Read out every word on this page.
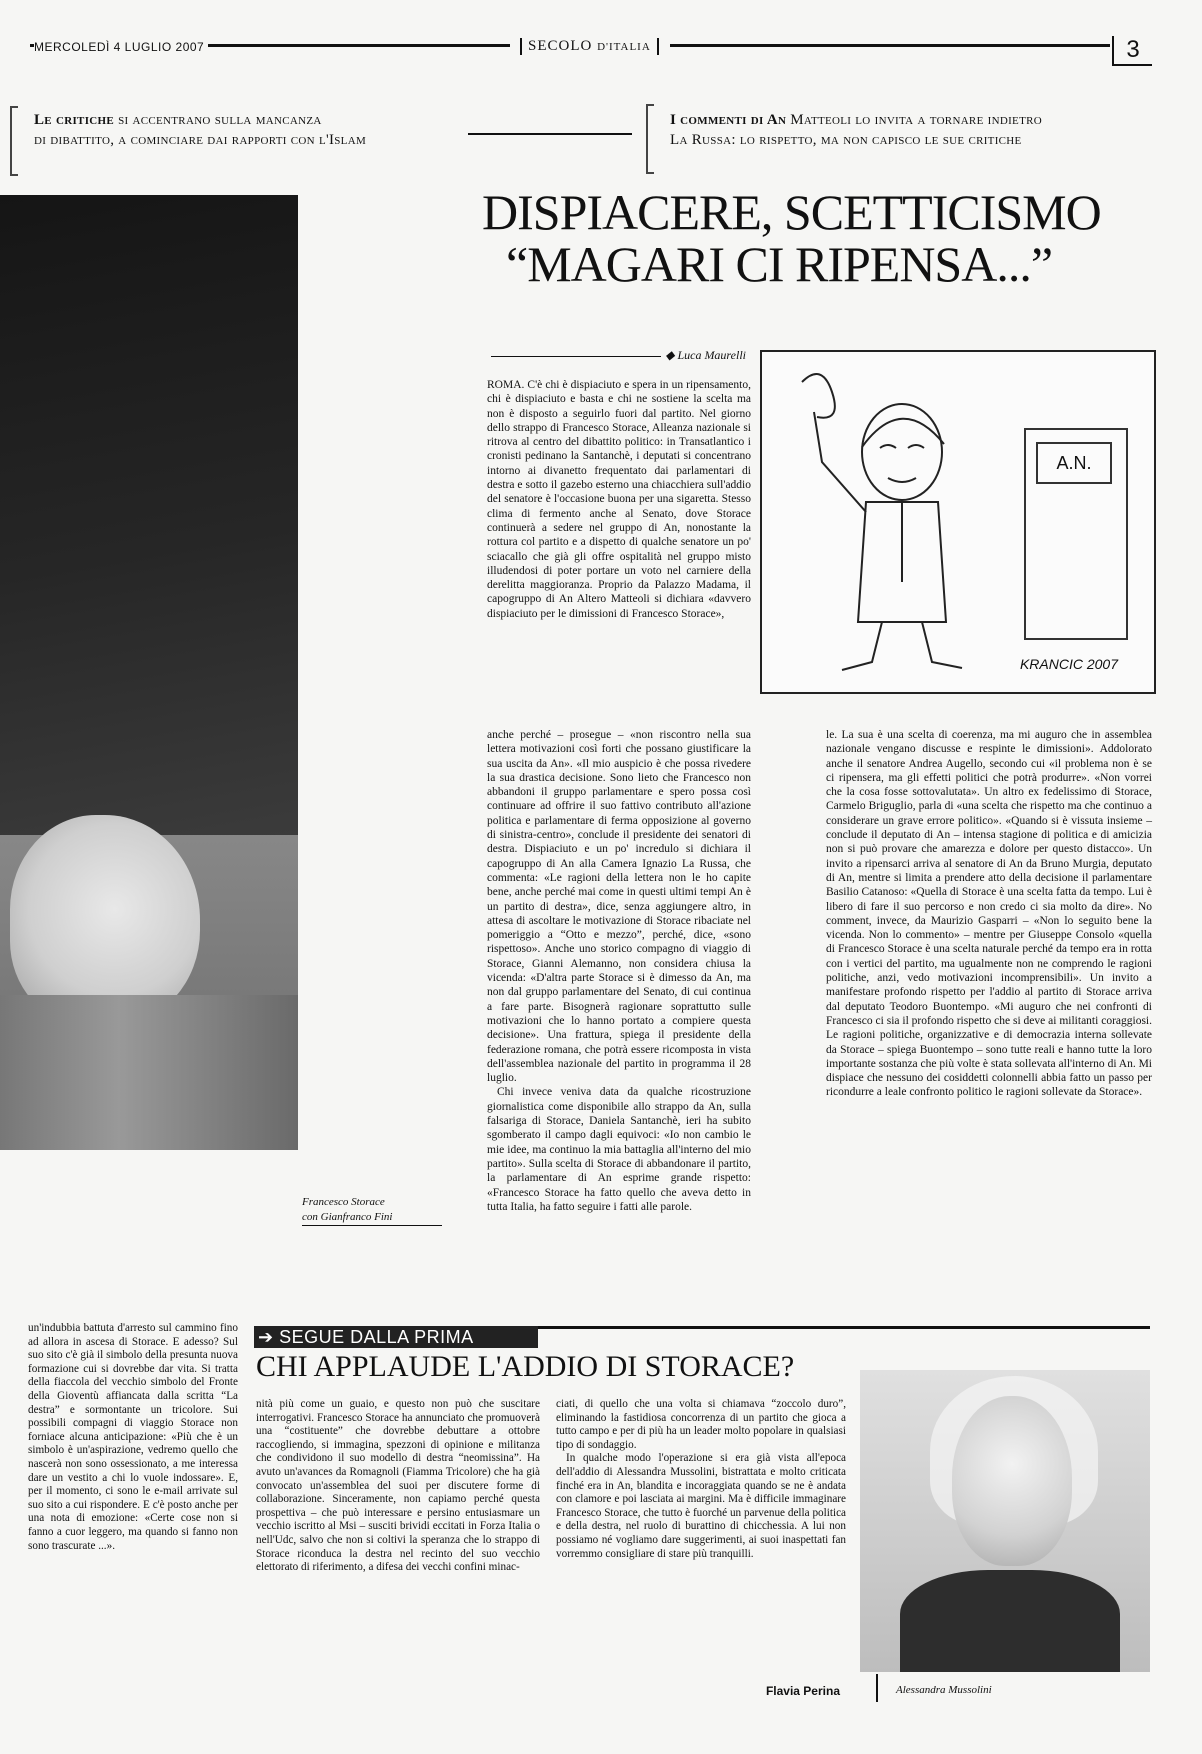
MERCOLEDÌ 4 LUGLIO 2007	SECOLO D'ITALIA	3
Le critiche si accentrano sulla mancanza
di dibattito, a cominciare dai rapporti con l'Islam
I commenti di An Matteoli lo invita a tornare indietro
La Russa: lo rispetto, ma non capisco le sue critiche
DISPIACERE, SCETTICISMO
“MAGARI CI RIPENSA...”
◆ Luca Maurelli
Francesco Storace
con Gianfranco Fini
A.N.
KRANCIC 2007

ROMA. C'è chi è dispiaciuto e spera in un ripensamento, chi è dispiaciuto e basta e chi ne sostiene la scelta ma non è disposto a seguirlo fuori dal partito. Nel giorno dello strappo di Francesco Storace, Alleanza nazionale si ritrova al centro del dibattito politico: in Transatlantico i cronisti pedinano la Santanchè, i deputati si concentrano intorno ai divanetto frequentato dai parlamentari di destra e sotto il gazebo esterno una chiacchiera sull'addio del senatore è l'occasione buona per una sigaretta. Stesso clima di fermento anche al Senato, dove Storace continuerà a sedere nel gruppo di An, nonostante la rottura col partito e a dispetto di qualche senatore un po' sciacallo che già gli offre ospitalità nel gruppo misto illudendosi di poter portare un voto nel carniere della derelitta maggioranza. Proprio da Palazzo Madama, il capogruppo di An Altero Matteoli si dichiara «davvero dispiaciuto per le dimissioni di Francesco Storace»,

anche perché – prosegue – «non riscontro nella sua lettera motivazioni così forti che possano giustificare la sua uscita da An». «Il mio auspicio è che possa rivedere la sua drastica decisione. Sono lieto che Francesco non abbandoni il gruppo parlamentare e spero possa così continuare ad offrire il suo fattivo contributo all'azione politica e parlamentare di ferma opposizione al governo di sinistra-centro», conclude il presidente dei senatori di destra. Dispiaciuto e un po' incredulo si dichiara il capogruppo di An alla Camera Ignazio La Russa, che commenta: «Le ragioni della lettera non le ho capite bene, anche perché mai come in questi ultimi tempi An è un partito di destra», dice, senza aggiungere altro, in attesa di ascoltare le motivazione di Storace ribaciate nel pomeriggio a “Otto e mezzo”, perché, dice, «sono rispettoso». Anche uno storico compagno di viaggio di Storace, Gianni Alemanno, non considera chiusa la vicenda: «D'altra parte Storace si è dimesso da An, ma non dal gruppo parlamentare del Senato, di cui continua a fare parte. Bisognerà ragionare soprattutto sulle motivazioni che lo hanno portato a compiere questa decisione». Una frattura, spiega il presidente della federazione romana, che potrà essere ricomposta in vista dell'assemblea nazionale del partito in programma il 28 luglio.

Chi invece veniva data da qualche ricostruzione giornalistica come disponibile allo strappo da An, sulla falsariga di Storace, Daniela Santanchè, ieri ha subito sgomberato il campo dagli equivoci: «Io non cambio le mie idee, ma continuo la mia battaglia all'interno del mio partito». Sulla scelta di Storace di abbandonare il partito, la parlamentare di An esprime grande rispetto: «Francesco Storace ha fatto quello che aveva detto in tutta Italia, ha fatto seguire i fatti alle parole.

le. La sua è una scelta di coerenza, ma mi auguro che in assemblea nazionale vengano discusse e respinte le dimissioni». Addolorato anche il senatore Andrea Augello, secondo cui «il problema non è se ci ripensera, ma gli effetti politici che potrà produrre». «Non vorrei che la cosa fosse sottovalutata». Un altro ex fedelissimo di Storace, Carmelo Briguglio, parla di «una scelta che rispetto ma che continuo a considerare un grave errore politico». «Quando si è vissuta insieme – conclude il deputato di An – intensa stagione di politica e di amicizia non si può provare che amarezza e dolore per questo distacco». Un invito a ripensarci arriva al senatore di An da Bruno Murgia, deputato di An, mentre si limita a prendere atto della decisione il parlamentare Basilio Catanoso: «Quella di Storace è una scelta fatta da tempo. Lui è libero di fare il suo percorso e non credo ci sia molto da dire». No comment, invece, da Maurizio Gasparri – «Non lo seguito bene la vicenda. Non lo commento» – mentre per Giuseppe Consolo «quella di Francesco Storace è una scelta naturale perché da tempo era in rotta con i vertici del partito, ma ugualmente non ne comprendo le ragioni politiche, anzi, vedo motivazioni incomprensibili». Un invito a manifestare profondo rispetto per l'addio al partito di Storace arriva dal deputato Teodoro Buontempo. «Mi auguro che nei confronti di Francesco ci sia il profondo rispetto che si deve ai militanti coraggiosi. Le ragioni politiche, organizzative e di democrazia interna sollevate da Storace – spiega Buontempo – sono tutte reali e hanno tutte la loro importante sostanza che più volte è stata sollevata all'interno di An. Mi dispiace che nessuno dei cosiddetti colonnelli abbia fatto un passo per ricondurre a leale confronto politico le ragioni sollevate da Storace».

un'indubbia battuta d'arresto sul cammino fino ad allora in ascesa di Storace. E adesso? Sul suo sito c'è già il simbolo della presunta nuova formazione cui si dovrebbe dar vita. Si tratta della fiaccola del vecchio simbolo del Fronte della Gioventù affiancata dalla scritta “La destra” e sormontante un tricolore. Sui possibili compagni di viaggio Storace non forniace alcuna anticipazione: «Più che è un simbolo è un'aspirazione, vedremo quello che nascerà non sono ossessionato, a me interessa dare un vestito a chi lo vuole indossare». E, per il momento, ci sono le e-mail arrivate sul suo sito a cui rispondere. E c'è posto anche per una nota di emozione: «Certe cose non si fanno a cuor leggero, ma quando si fanno non sono trascurate ...».

➔ SEGUE DALLA PRIMA
CHI APPLAUDE L'ADDIO DI STORACE?

nità più come un guaio, e questo non può che suscitare interrogativi. Francesco Storace ha annunciato che promuoverà una “costituente” che dovrebbe debuttare a ottobre raccogliendo, si immagina, spezzoni di opinione e militanza che condividono il suo modello di destra “neomissina”. Ha avuto un'avances da Romagnoli (Fiamma Tricolore) che ha già convocato un'assemblea del suoi per discutere forme di collaborazione. Sinceramente, non capiamo perché questa prospettiva – che può interessare e persino entusiasmare un vecchio iscritto al Msi – susciti brividi eccitati in Forza Italia o nell'Udc, salvo che non si coltivi la speranza che lo strappo di Storace riconduca la destra nel recinto del suo vecchio elettorato di riferimento, a difesa dei vecchi confini minac-

ciati, di quello che una volta si chiamava “zoccolo duro”, eliminando la fastidiosa concorrenza di un partito che gioca a tutto campo e per di più ha un leader molto popolare in qualsiasi tipo di sondaggio.

In qualche modo l'operazione si era già vista all'epoca dell'addio di Alessandra Mussolini, bistrattata e molto criticata finché era in An, blandita e incoraggiata quando se ne è andata con clamore e poi lasciata ai margini. Ma è difficile immaginare Francesco Storace, che tutto è fuorché un parvenue della politica e della destra, nel ruolo di burattino di chicchessia. A lui non possiamo né vogliamo dare suggerimenti, ai suoi inaspettati fan vorremmo consigliare di stare più tranquilli.

Flavia Perina	Alessandra Mussolini
